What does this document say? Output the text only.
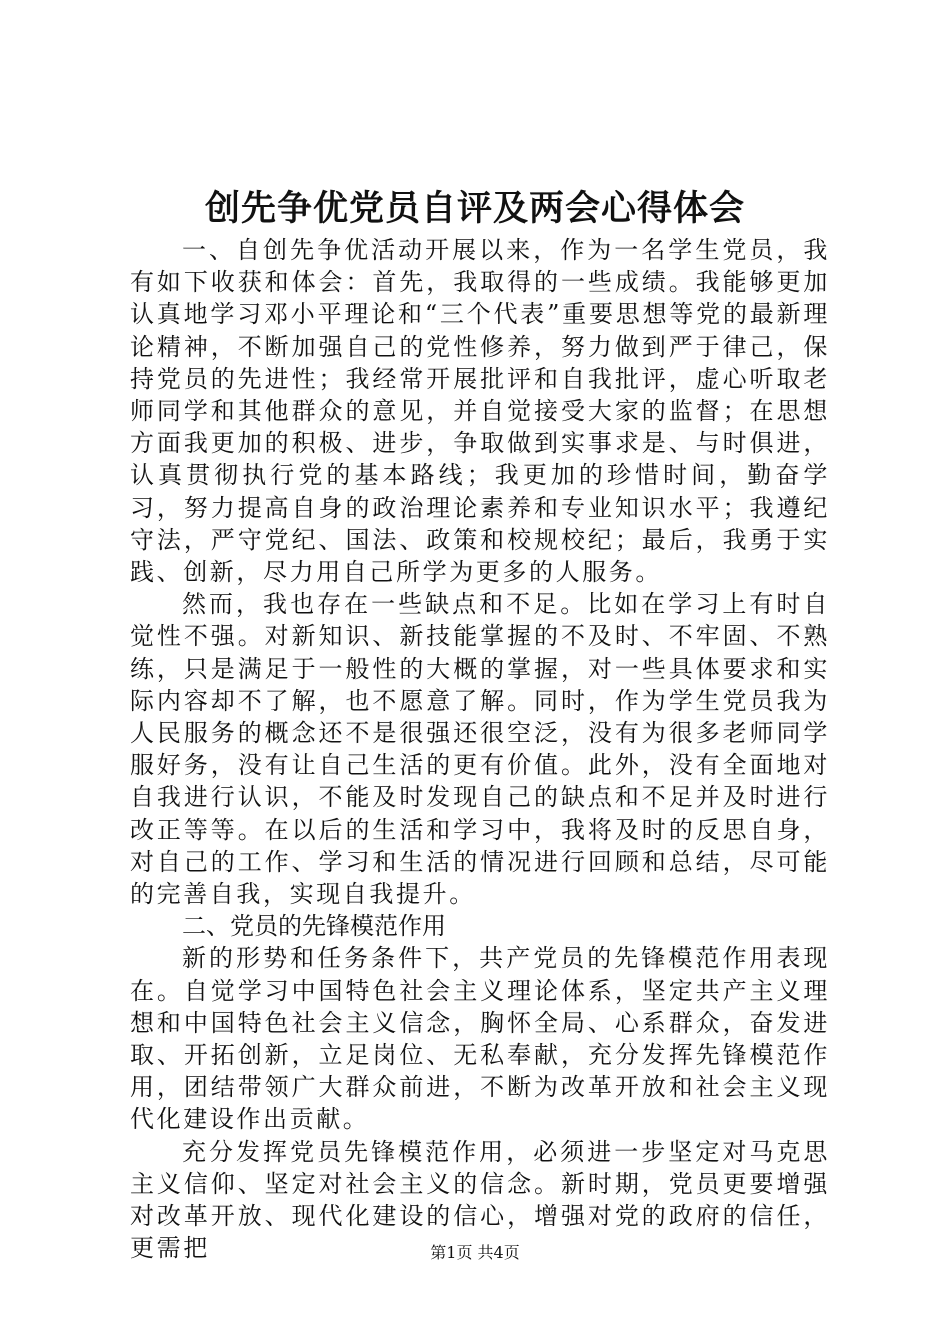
创先争优党员自评及两会心得体会

一、自创先争优活动开展以来，作为一名学生党员，我有如下收获和体会：首先，我取得的一些成绩。我能够更加认真地学习邓小平理论和“三个代表”重要思想等党的最新理论精神，不断加强自己的党性修养，努力做到严于律己，保持党员的先进性；我经常开展批评和自我批评，虚心听取老师同学和其他群众的意见，并自觉接受大家的监督；在思想方面我更加的积极、进步，争取做到实事求是、与时俱进，认真贯彻执行党的基本路线；我更加的珍惜时间，勤奋学习，努力提高自身的政治理论素养和专业知识水平；我遵纪守法，严守党纪、国法、政策和校规校纪；最后，我勇于实践、创新，尽力用自己所学为更多的人服务。

然而，我也存在一些缺点和不足。比如在学习上有时自觉性不强。对新知识、新技能掌握的不及时、不牢固、不熟练，只是满足于一般性的大概的掌握，对一些具体要求和实际内容却不了解，也不愿意了解。同时，作为学生党员我为人民服务的概念还不是很强还很空泛，没有为很多老师同学服好务，没有让自己生活的更有价值。此外，没有全面地对自我进行认识，不能及时发现自己的缺点和不足并及时进行改正等等。在以后的生活和学习中，我将及时的反思自身，对自己的工作、学习和生活的情况进行回顾和总结，尽可能的完善自我，实现自我提升。

二、党员的先锋模范作用

新的形势和任务条件下，共产党员的先锋模范作用表现在。自觉学习中国特色社会主义理论体系，坚定共产主义理想和中国特色社会主义信念，胸怀全局、心系群众，奋发进取、开拓创新，立足岗位、无私奉献，充分发挥先锋模范作用，团结带领广大群众前进，不断为改革开放和社会主义现代化建设作出贡献。

充分发挥党员先锋模范作用，必须进一步坚定对马克思主义信仰、坚定对社会主义的信念。新时期，党员更要增强对改革开放、现代化建设的信心，增强对党的政府的信任，更需把	第1页 共4页
